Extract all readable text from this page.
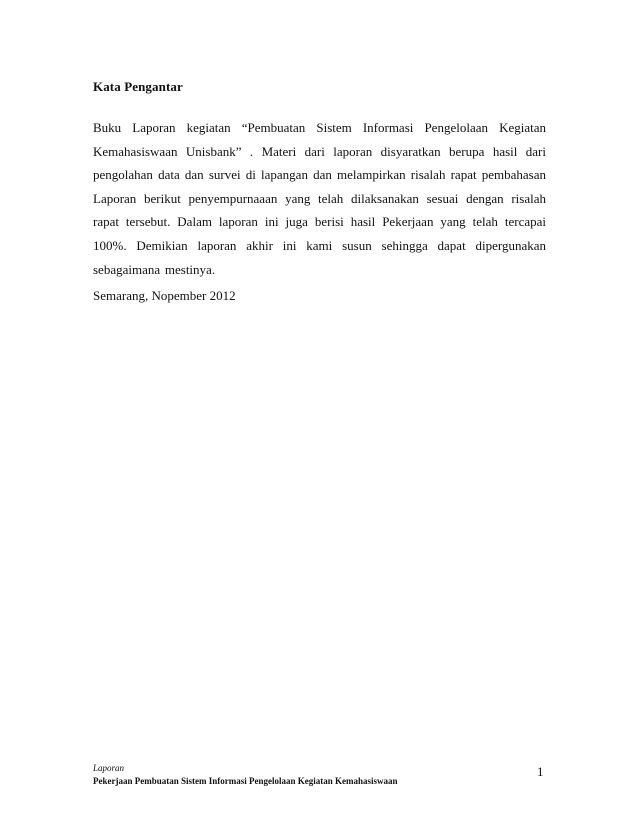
Kata Pengantar
Buku Laporan kegiatan “Pembuatan Sistem Informasi Pengelolaan Kegiatan Kemahasiswaan Unisbank” . Materi dari laporan disyaratkan berupa hasil dari pengolahan data dan survei di lapangan dan melampirkan risalah rapat pembahasan Laporan berikut penyempurnaaan yang telah dilaksanakan sesuai dengan risalah rapat tersebut. Dalam laporan ini juga berisi hasil Pekerjaan yang telah tercapai 100%. Demikian laporan akhir ini kami susun sehingga dapat dipergunakan sebagaimana mestinya.
Semarang, Nopember 2012
Laporan
Pekerjaan Pembuatan Sistem Informasi Pengelolaan Kegiatan Kemahasiswaan
1
